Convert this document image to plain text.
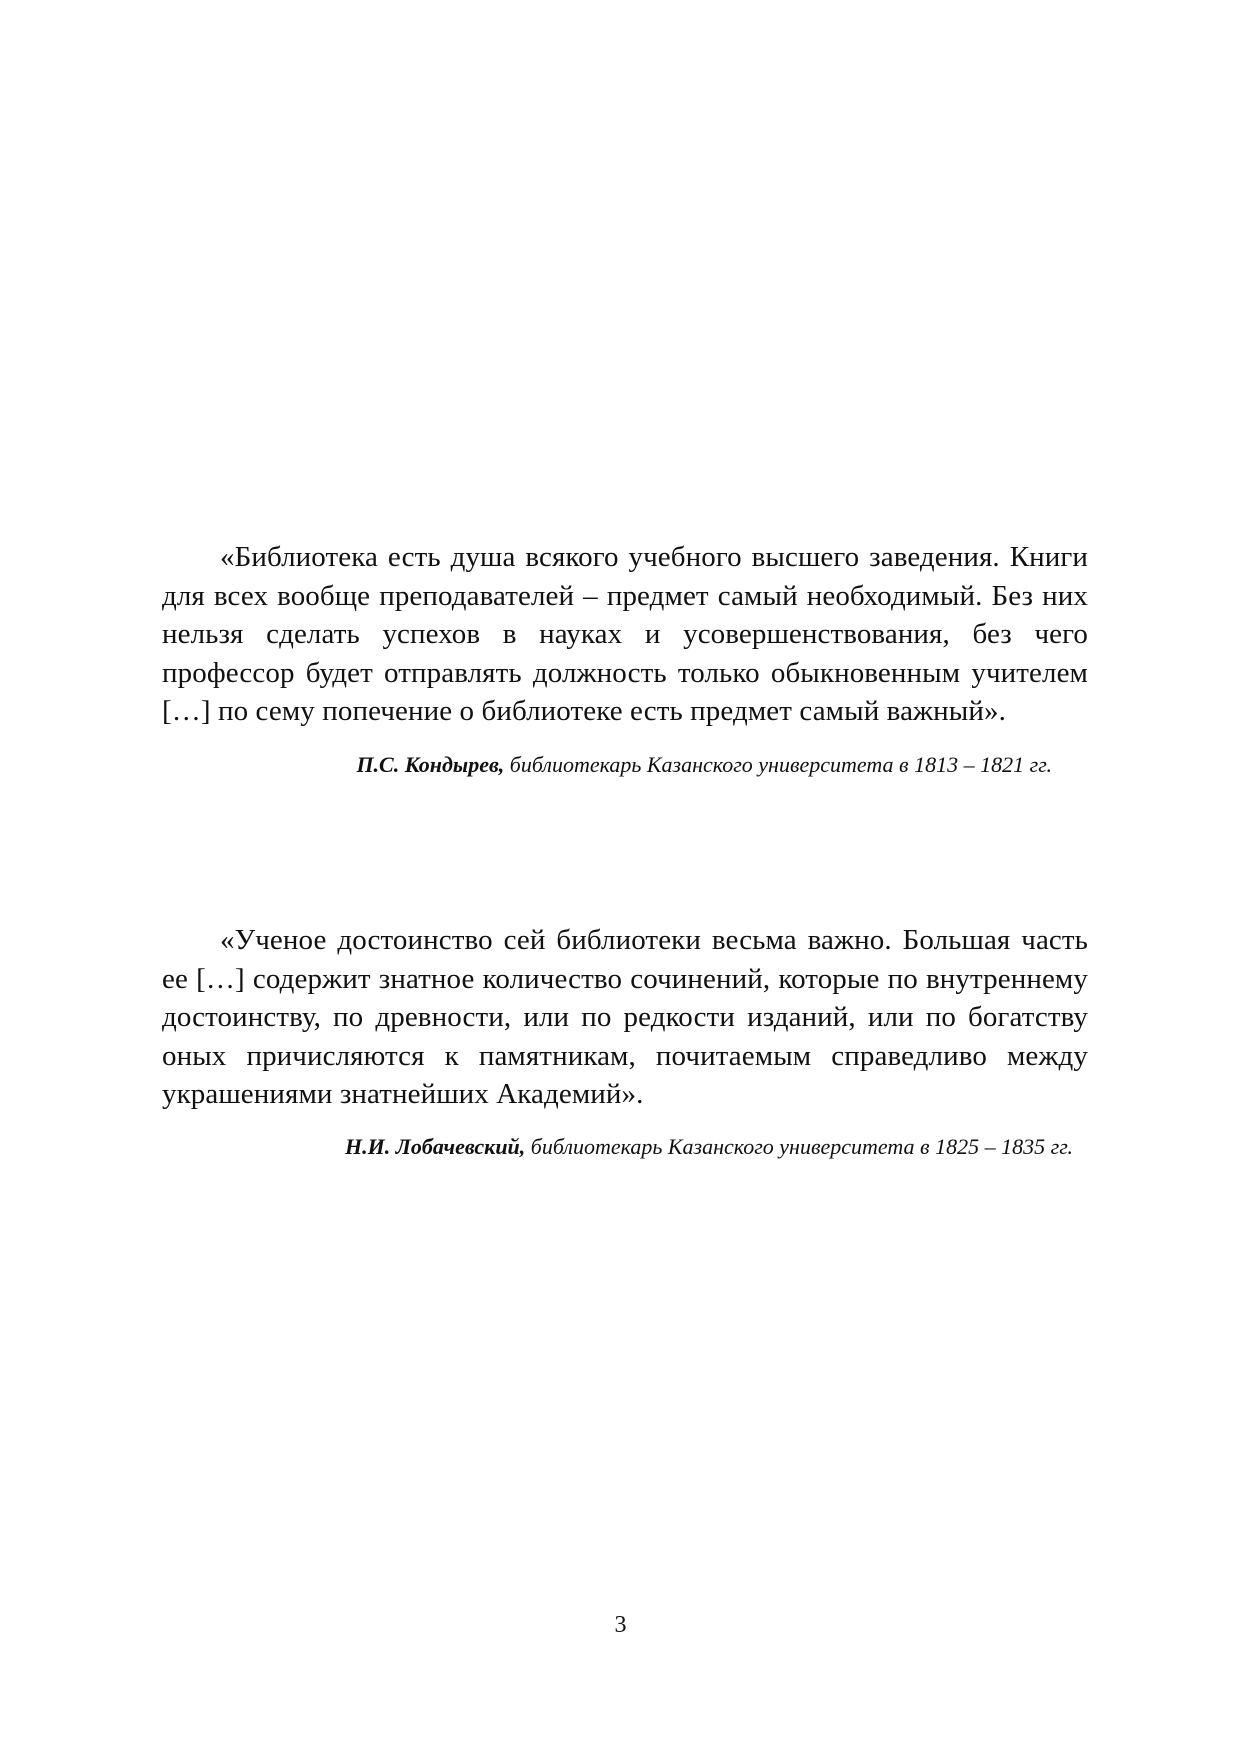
«Библиотека есть душа всякого учебного высшего заведения. Книги для всех вообще преподавателей – предмет самый необходимый. Без них нельзя сделать успехов в науках и усовершенствования, без чего профессор будет отправлять должность только обыкновенным учителем […] по сему попечение о библиотеке есть предмет самый важный».

П.С. Кондырев, библиотекарь Казанского университета в 1813 – 1821 гг.

«Ученое достоинство сей библиотеки весьма важно. Большая часть ее […] содержит знатное количество сочинений, которые по внутреннему достоинству, по древности, или по редкости изданий, или по богатству оных причисляются к памятникам, почитаемым справедливо между украшениями знатнейших Академий».

Н.И. Лобачевский, библиотекарь Казанского университета в 1825 – 1835 гг.

3
